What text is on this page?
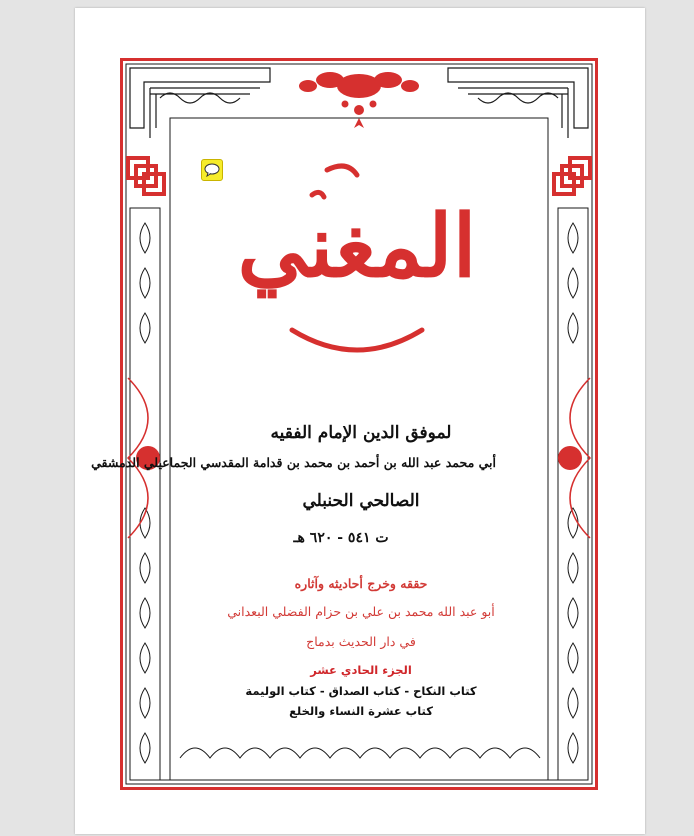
المغني
لموفق الدين الإمام الفقيه
أبي محمد عبد الله بن أحمد بن محمد بن قدامة المقدسي الجماعيلي الدمشقي
الصالحي الحنبلي
ت ٥٤١ - ٦٢٠ هـ
حققه وخرج أحاديثه وآثاره
أبو عبد الله محمد بن علي بن حزام الفضلي البعداني
في دار الحديث بدماج
الجزء الحادي عشر
كتاب النكاح - كتاب الصداق - كتاب الوليمة
كتاب عشرة النساء والخلع
